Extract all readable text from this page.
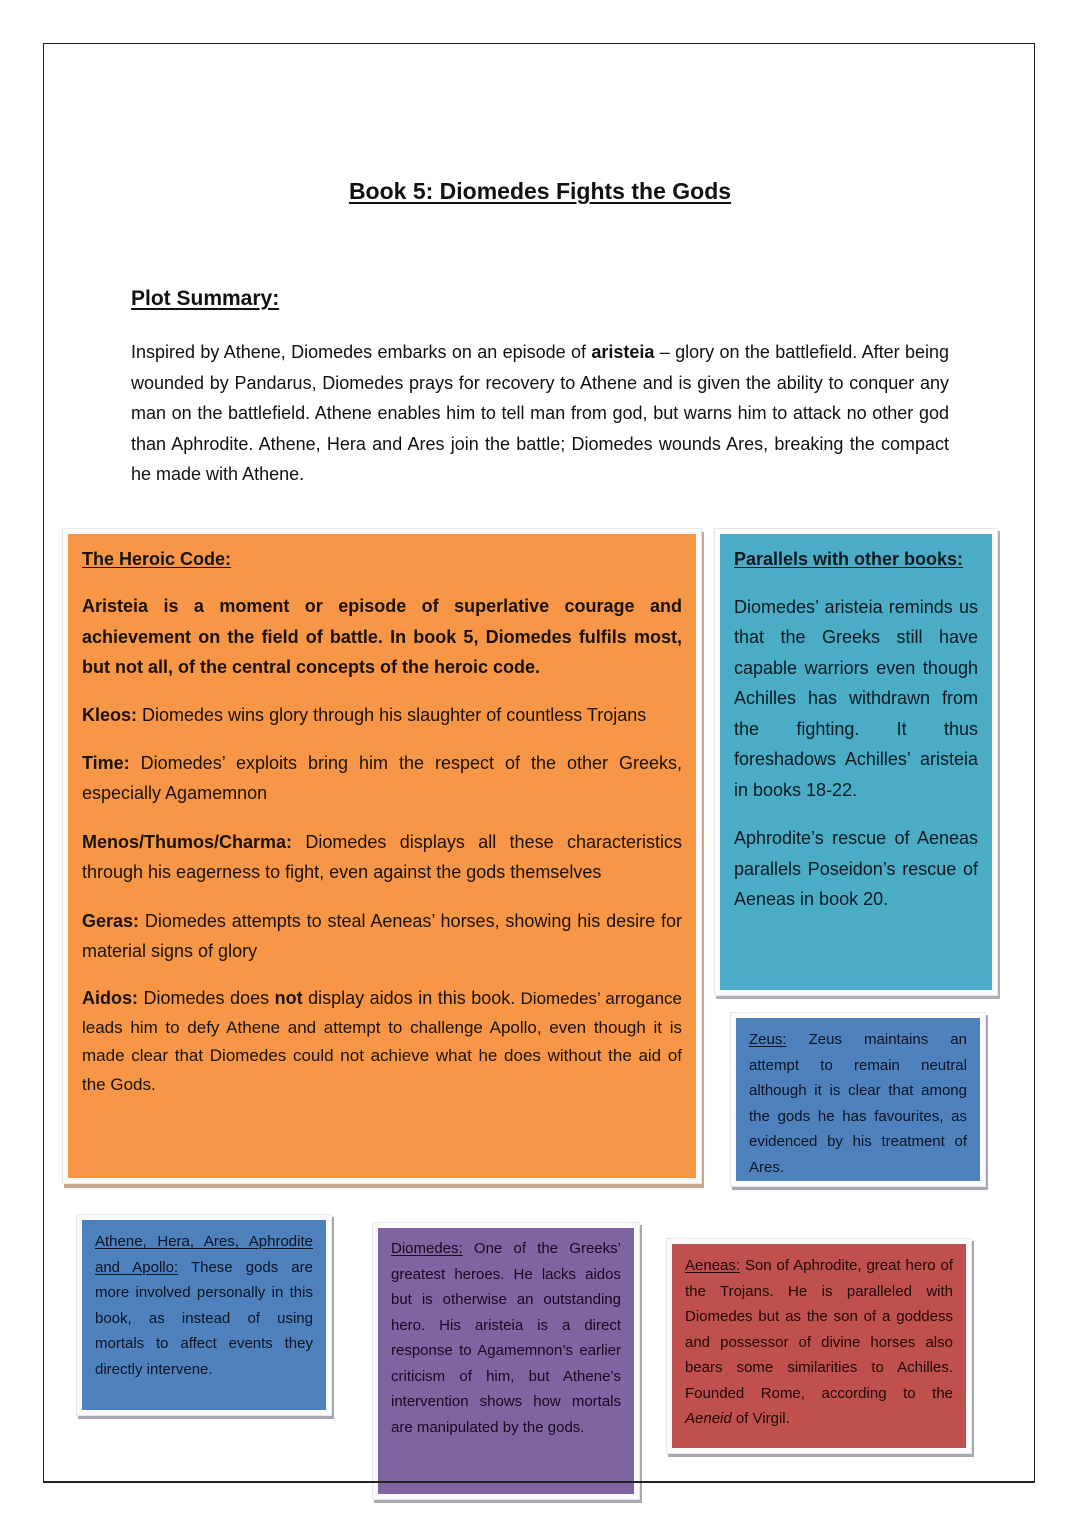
Book 5: Diomedes Fights the Gods
Plot Summary:
Inspired by Athene, Diomedes embarks on an episode of aristeia – glory on the battlefield. After being wounded by Pandarus, Diomedes prays for recovery to Athene and is given the ability to conquer any man on the battlefield. Athene enables him to tell man from god, but warns him to attack no other god than Aphrodite. Athene, Hera and Ares join the battle; Diomedes wounds Ares, breaking the compact he made with Athene.
The Heroic Code:

Aristeia is a moment or episode of superlative courage and achievement on the field of battle. In book 5, Diomedes fulfils most, but not all, of the central concepts of the heroic code.

Kleos: Diomedes wins glory through his slaughter of countless Trojans

Time: Diomedes’ exploits bring him the respect of the other Greeks, especially Agamemnon

Menos/Thumos/Charma: Diomedes displays all these characteristics through his eagerness to fight, even against the gods themselves

Geras: Diomedes attempts to steal Aeneas’ horses, showing his desire for material signs of glory

Aidos: Diomedes does not display aidos in this book. Diomedes’ arrogance leads him to defy Athene and attempt to challenge Apollo, even though it is made clear that Diomedes could not achieve what he does without the aid of the Gods.

Parallels with other books:

Diomedes’ aristeia reminds us that the Greeks still have capable warriors even though Achilles has withdrawn from the fighting. It thus foreshadows Achilles’ aristeia in books 18-22.

Aphrodite’s rescue of Aeneas parallels Poseidon’s rescue of Aeneas in book 20.

Zeus: Zeus maintains an attempt to remain neutral although it is clear that among the gods he has favourites, as evidenced by his treatment of Ares.
Athene, Hera, Ares, Aphrodite and Apollo: These gods are more involved personally in this book, as instead of using mortals to affect events they directly intervene.
Diomedes: One of the Greeks’ greatest heroes. He lacks aidos but is otherwise an outstanding hero. His aristeia is a direct response to Agamemnon’s earlier criticism of him, but Athene’s intervention shows how mortals are manipulated by the gods.
Aeneas: Son of Aphrodite, great hero of the Trojans. He is paralleled with Diomedes but as the son of a goddess and possessor of divine horses also bears some similarities to Achilles. Founded Rome, according to the Aeneid of Virgil.
